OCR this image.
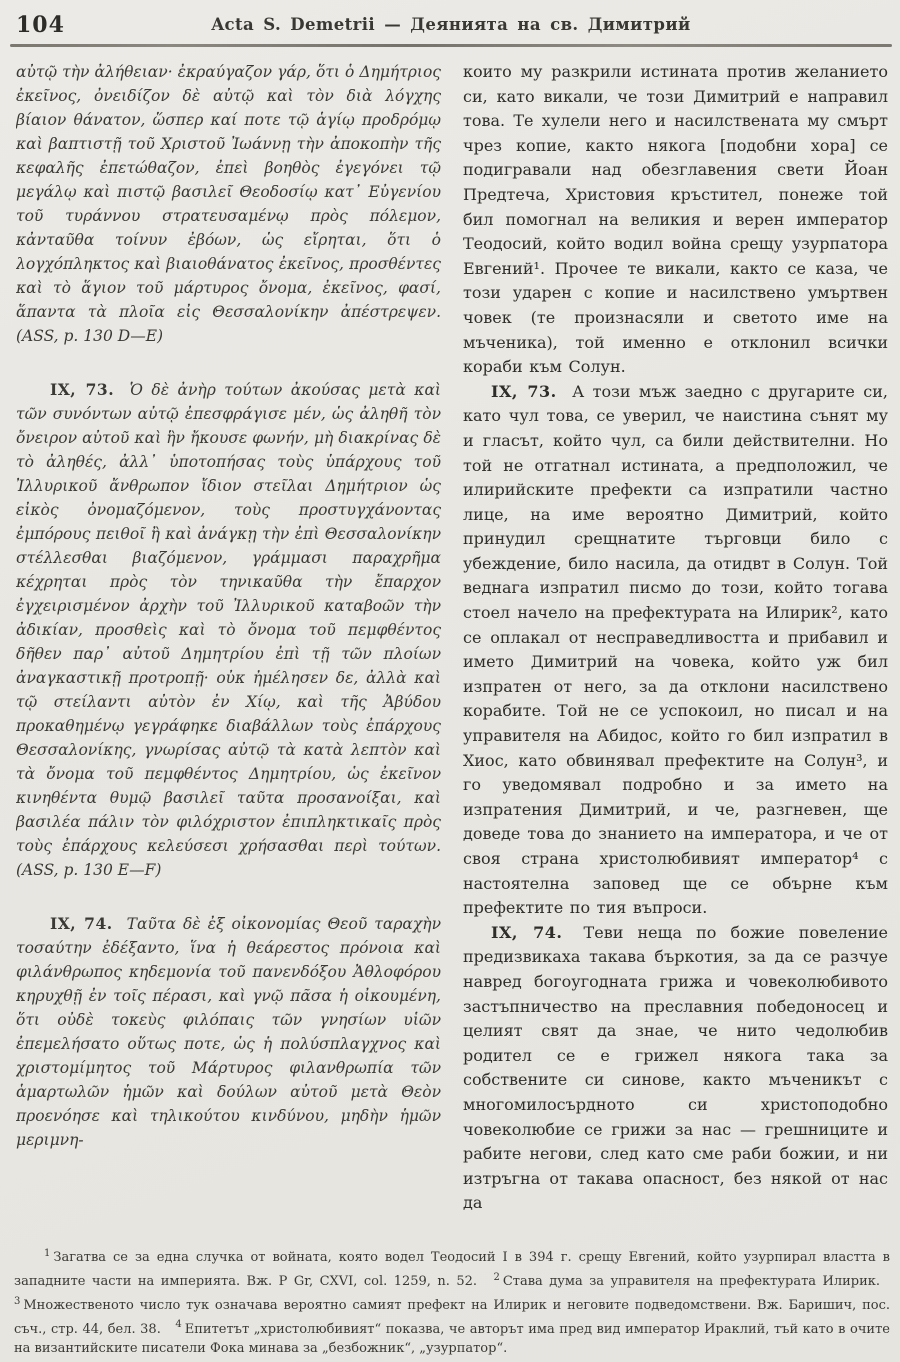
104	Acta S. Demetrii — Деянията на св. Димитрий

αὐτῷ τὴν ἀλήθειαν· ἐκραύγαζον γάρ, ὅτι ὁ Δημήτριος ἐκεῖνος, ὀνειδίζον δὲ αὐτῷ καὶ τὸν διὰ λόγχης βίαιον θάνατον, ὥσπερ καί ποτε τῷ ἁγίῳ προδρόμῳ καὶ βαπτιστῇ τοῦ Χριστοῦ Ἰωάννῃ τὴν ἀποκοπὴν τῆς κεφαλῆς ἐπετώθαζον, ἐπεὶ βοηθὸς ἐγεγόνει τῷ μεγάλῳ καὶ πιστῷ βασιλεῖ Θεοδοσίῳ κατ᾽ Εὐγενίου τοῦ τυράννου στρατευσαμένῳ πρὸς πόλεμον, κἀνταῦθα τοίνυν ἐβόων, ὡς εἴρηται, ὅτι ὁ λογχόπληκτος καὶ βιαιοθάνατος ἐκεῖνος, προσθέντες καὶ τὸ ἅγιον τοῦ μάρτυρος ὄνομα, ἐκεῖνος, φασί, ἅπαντα τὰ πλοῖα εἰς Θεσσαλονίκην ἀπέστρεψεν. (ASS, p. 130 D—E)

IX, 73. Ὁ δὲ ἀνὴρ τούτων ἀκούσας μετὰ καὶ τῶν συνόντων αὐτῷ ἐπεσφράγισε μέν, ὡς ἀληθῆ τὸν ὄνειρον αὐτοῦ καὶ ἣν ἤκουσε φωνήν, μὴ διακρίνας δὲ τὸ ἀληθές, ἀλλ᾽ ὑποτοπήσας τοὺς ὑπάρχους τοῦ Ἰλλυρικοῦ ἄνθρωπον ἴδιον στεῖλαι Δημήτριον ὡς εἰκὸς ὀνομαζόμενον, τοὺς προστυγχάνοντας ἐμπόρους πειθοῖ ἢ καὶ ἀνάγκῃ τὴν ἐπὶ Θεσσαλονίκην στέλλεσθαι βιαζόμενον, γράμμασι παραχρῆμα κέχρηται πρὸς τὸν τηνικαῦθα τὴν ἔπαρχον ἐγχειρισμένον ἀρχὴν τοῦ Ἰλλυρικοῦ καταβοῶν τὴν ἀδικίαν, προσθεὶς καὶ τὸ ὄνομα τοῦ πεμφθέντος δῆθεν παρ᾽ αὐτοῦ Δημητρίου ἐπὶ τῇ τῶν πλοίων ἀναγκαστικῇ προτροπῇ· οὐκ ἠμέλησεν δε, ἀλλὰ καὶ τῷ στείλαντι αὐτὸν ἐν Χίῳ, καὶ τῆς Ἀβύδου προκαθημένῳ γεγράφηκε διαβάλλων τοὺς ἐπάρχους Θεσσαλονίκης, γνωρίσας αὐτῷ τὰ κατὰ λεπτὸν καὶ τὰ ὄνομα τοῦ πεμφθέντος Δημητρίου, ὡς ἐκεῖνον κινηθέντα θυμῷ βασιλεῖ ταῦτα προσανοίξαι, καὶ βασιλέα πάλιν τὸν φιλόχριστον ἐπιπληκτικαῖς πρὸς τοὺς ἐπάρχους κελεύσεσι χρήσασθαι περὶ τούτων. (ASS, p. 130 E—F)

IX, 74. Ταῦτα δὲ ἐξ οἰκονομίας Θεοῦ ταραχὴν τοσαύτην ἐδέξαντο, ἵνα ἡ θεάρεστος πρόνοια καὶ φιλάνθρωπος κηδεμονία τοῦ πανενδόξου Ἀθλοφόρου κηρυχθῇ ἐν τοῖς πέρασι, καὶ γνῷ πᾶσα ἡ οἰκουμένη, ὅτι οὐδὲ τοκεὺς φιλόπαις τῶν γνησίων υἱῶν ἐπεμελήσατο οὕτως ποτε, ὡς ἡ πολύσπλαγχνος καὶ χριστομίμητος τοῦ Μάρτυρος φιλανθρωπία τῶν ἁμαρτωλῶν ἡμῶν καὶ δούλων αὐτοῦ μετὰ Θεὸν προενόησε καὶ τηλικούτου κινδύνου, μηδὴν ἡμῶν μεριμνη-

които му разкрили истината против желанието си, като викали, че този Димитрий е направил това. Те хулели него и насилствената му смърт чрез копие, както някога [подобни хора] се подигравали над обезглавения свети Йоан Предтеча, Христовия кръстител, понеже той бил помогнал на великия и верен император Теодосий, който водил война срещу узурпатора Евгений¹. Прочее те викали, както се каза, че този ударен с копие и насилствено умъртвен човек (те произнасяли и светото име на мъченика), той именно е отклонил всички кораби към Солун.

IX, 73. А този мъж заедно с другарите си, като чул това, се уверил, че наистина сънят му и гласът, който чул, са били действителни. Но той не отгатнал истината, а предположил, че илирийските префекти са изпратили частно лице, на име вероятно Димитрий, който принудил срещнатите търговци било с убеждение, било насила, да отидвт в Солун. Той веднага изпратил писмо до този, който тогава стоел начело на префектурата на Илирик², като се оплакал от несправедливостта и прибавил и името Димитрий на човека, който уж бил изпратен от него, за да отклони насилствено корабите. Той не се успокоил, но писал и на управителя на Абидос, който го бил изпратил в Хиос, като обвинявал префектите на Солун³, и го уведомявал подробно и за името на изпратения Димитрий, и че, разгневен, ще доведе това до знанието на императора, и че от своя страна христолюбивият император⁴ с настоятелна заповед ще се обърне към префектите по тия въпроси.

IX, 74. Теви неща по божие повеление предизвикаха такава бъркотия, за да се разчуе навред богоугодната грижа и човеколюбивото застъпничество на преславния победоносец и целият свят да знае, че нито чедолюбив родител се е грижел някога така за собствените си синове, както мъченикът с многомилосърдното си христоподобно човеколюбие се грижи за нас — грешниците и рабите негови, след като сме раби божии, и ни изтръгна от такава опасност, без някой от нас да

$^1$ Загатва се за една случка от войната, която водел Теодосий I в 394 г. срещу Евгений, който узурпирал властта в западните части на империята. Вж. P Gr, CXVI, col. 1259, n. 52. $^2$ Става дума за управителя на префектурата Илирик. $^3$ Множественото число тук означава вероятно самият префект на Илирик и неговите подведомствени. Вж. Баришич, пос. съч., стр. 44, бел. 38. $^4$ Епитетът „христолюбивият“ показва, че авторът има пред вид император Ираклий, тъй като в очите на византийските писатели Фока минава за „безбожник“, „узурпатор“.
